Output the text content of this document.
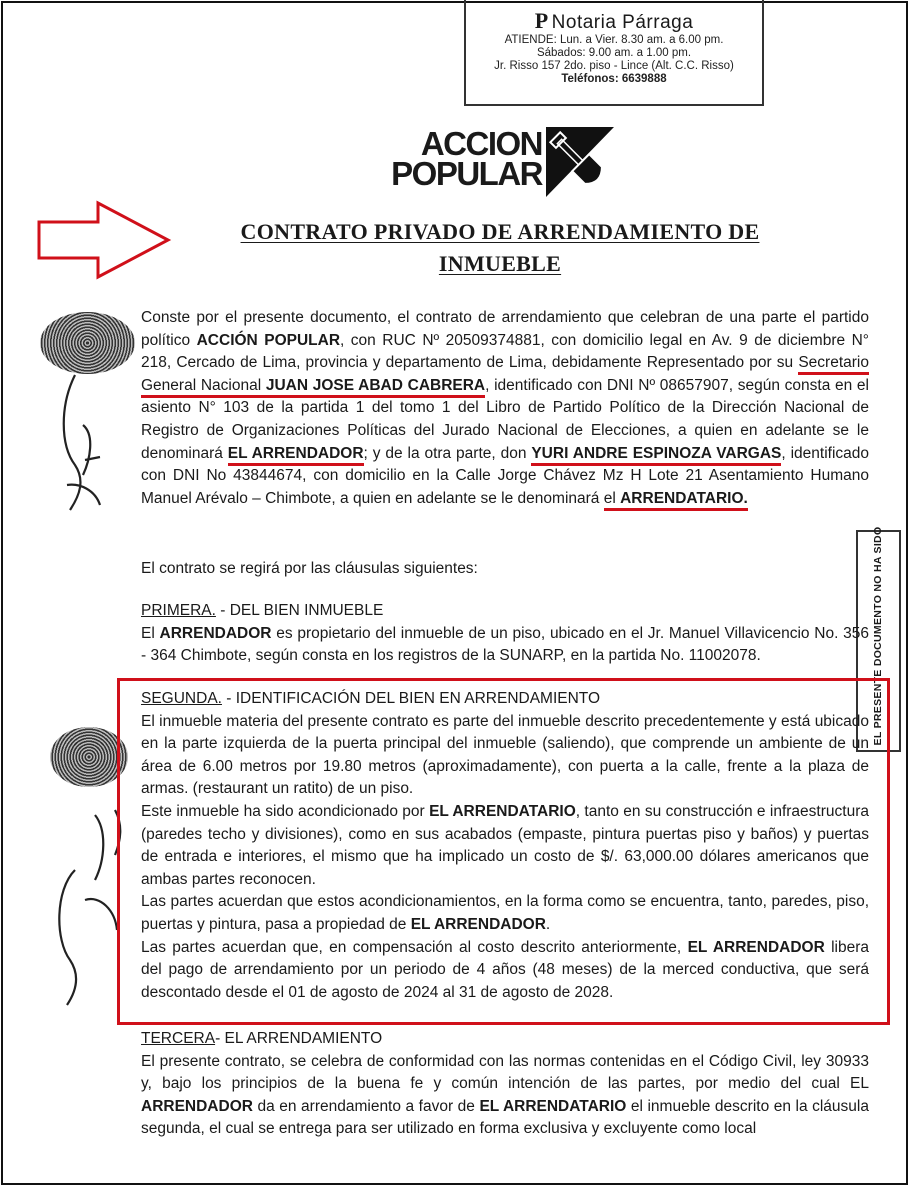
P Notaria Párraga
ATIENDE: Lun. a Vier. 8.30 am. a 6.00 pm.
Sábados: 9.00 am. a 1.00 pm.
Jr. Risso 157 2do. piso - Lince (Alt. C.C. Risso)
Teléfonos: 6639888
ACCION
POPULAR
CONTRATO PRIVADO DE ARRENDAMIENTO DE
INMUEBLE
EL PRESENTE DOCUMENTO NO HA SIDO
Conste por el presente documento, el contrato de arrendamiento que celebran de una parte el partido político ACCIÓN POPULAR, con RUC Nº 20509374881, con domicilio legal en Av. 9 de diciembre N° 218, Cercado de Lima, provincia y departamento de Lima, debidamente Representado por su Secretario General Nacional JUAN JOSE ABAD CABRERA, identificado con DNI Nº 08657907, según consta en el asiento N° 103 de la partida 1 del tomo 1 del Libro de Partido Político de la Dirección Nacional de Registro de Organizaciones Políticas del Jurado Nacional de Elecciones, a quien en adelante se le denominará EL ARRENDADOR; y de la otra parte, don YURI ANDRE ESPINOZA VARGAS, identificado con DNI No 43844674, con domicilio en la Calle Jorge Chávez Mz H Lote 21 Asentamiento Humano Manuel Arévalo – Chimbote, a quien en adelante se le denominará el ARRENDATARIO.
El contrato se regirá por las cláusulas siguientes:
PRIMERA. - DEL BIEN INMUEBLE
El ARRENDADOR es propietario del inmueble de un piso, ubicado en el Jr. Manuel Villavicencio No. 356 - 364 Chimbote, según consta en los registros de la SUNARP, en la partida No. 11002078.
SEGUNDA. - IDENTIFICACIÓN DEL BIEN EN ARRENDAMIENTO
El inmueble materia del presente contrato es parte del inmueble descrito precedentemente y está ubicado en la parte izquierda de la puerta principal del inmueble (saliendo), que comprende un ambiente de un área de 6.00 metros por 19.80 metros (aproximadamente), con puerta a la calle, frente a la plaza de armas. (restaurant un ratito) de un piso.
Este inmueble ha sido acondicionado por EL ARRENDATARIO, tanto en su construcción e infraestructura (paredes techo y divisiones), como en sus acabados (empaste, pintura puertas piso y baños) y puertas de entrada e interiores, el mismo que ha implicado un costo de $/. 63,000.00 dólares americanos que ambas partes reconocen.
Las partes acuerdan que estos acondicionamientos, en la forma como se encuentra, tanto, paredes, piso, puertas y pintura, pasa a propiedad de EL ARRENDADOR.
Las partes acuerdan que, en compensación al costo descrito anteriormente, EL ARRENDADOR libera del pago de arrendamiento por un periodo de 4 años (48 meses) de la merced conductiva, que será descontado desde el 01 de agosto de 2024 al 31 de agosto de 2028.
TERCERA- EL ARRENDAMIENTO
El presente contrato, se celebra de conformidad con las normas contenidas en el Código Civil, ley 30933 y, bajo los principios de la buena fe y común intención de las partes, por medio del cual EL ARRENDADOR da en arrendamiento a favor de EL ARRENDATARIO el inmueble descrito en la cláusula segunda, el cual se entrega para ser utilizado en forma exclusiva y excluyente como local
